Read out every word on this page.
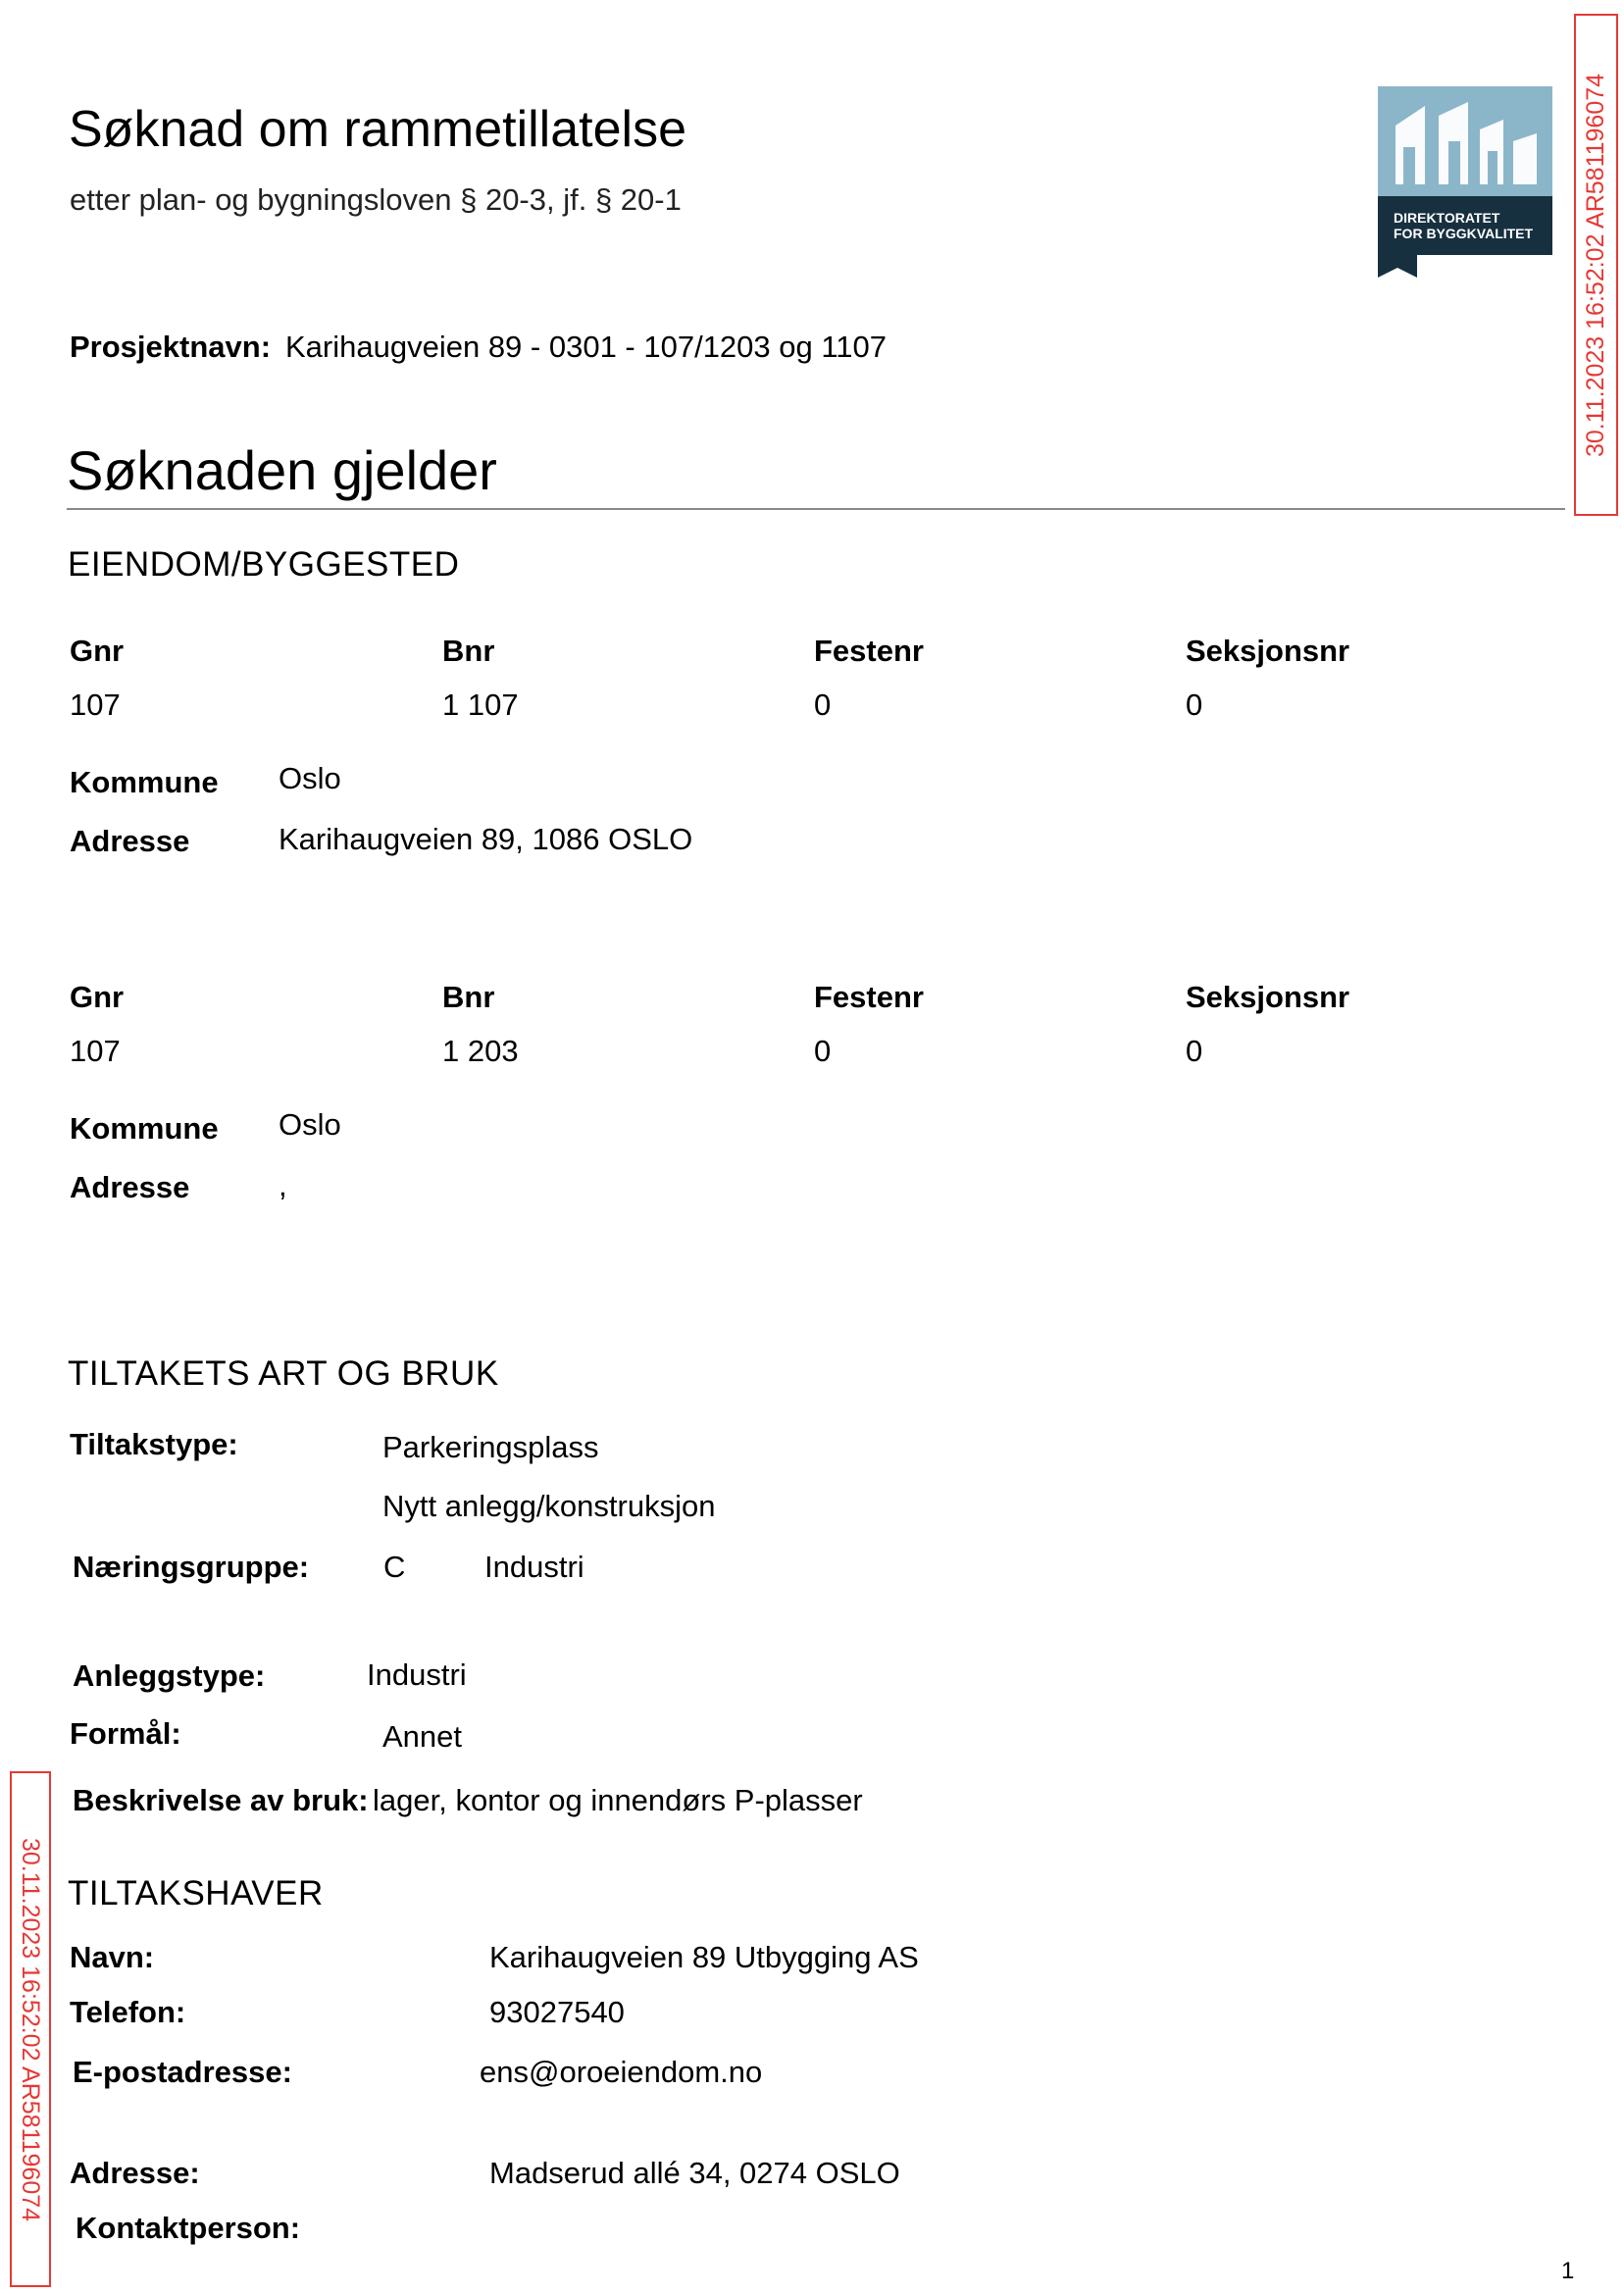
Søknad om rammetillatelse
etter plan- og bygningsloven § 20-3, jf. § 20-1
DIREKTORATET
FOR BYGGKVALITET 30.11.2023 16:52:02 AR581196074
30.11.2023 16:52:02 AR581196074
Prosjektnavn: Karihaugveien 89 - 0301 - 107/1203 og 1107
Søknaden gjelder
EIENDOM/BYGGESTED
Gnr	Bnr	Festenr	Seksjonsnr
107	1 107	0	0
Kommune Oslo
Adresse	Karihaugveien 89, 1086 OSLO
Gnr	Bnr	Festenr	Seksjonsnr
107	1 203	0	0
Kommune Oslo
Adresse	,
TILTAKETS ART OG BRUK
Tiltakstype:	Parkeringsplass
Nytt anlegg/konstruksjon
Næringsgruppe: C	Industri
Anleggstype:	Industri
Formål:	Annet
Beskrivelse av bruk: lager, kontor og innendørs P-plasser
TILTAKSHAVER
Navn:	Karihaugveien 89 Utbygging AS
Telefon:	93027540
E-postadresse:	ens@oroeiendom.no
Adresse:	Madserud allé 34, 0274 OSLO
Kontaktperson:
1
